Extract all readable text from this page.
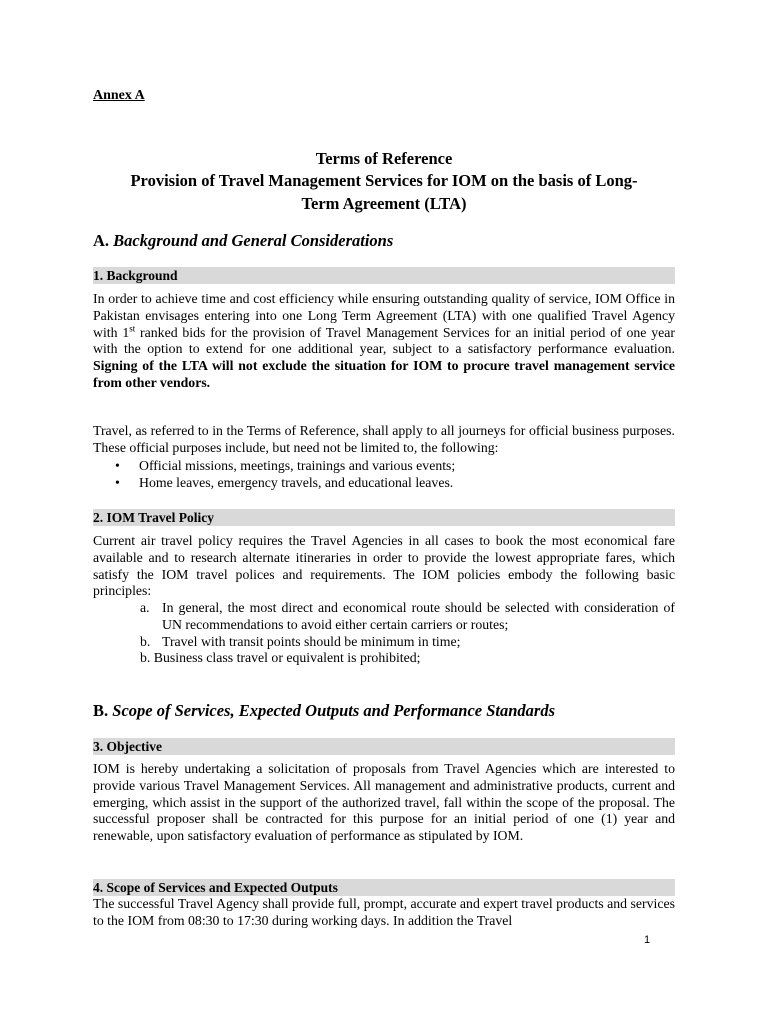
Annex A
Terms of Reference
Provision of Travel Management Services for IOM on the basis of Long-
Term Agreement (LTA)
A. Background and General Considerations
1. Background
In order to achieve time and cost efficiency while ensuring outstanding quality of service, IOM Office in Pakistan envisages entering into one Long Term Agreement (LTA) with one qualified Travel Agency with 1st ranked bids for the provision of Travel Management Services for an initial period of one year with the option to extend for one additional year, subject to a satisfactory performance evaluation. Signing of the LTA will not exclude the situation for IOM to procure travel management service from other vendors.
Travel, as referred to in the Terms of Reference, shall apply to all journeys for official business purposes. These official purposes include, but need not be limited to, the following:
•	Official missions, meetings, trainings and various events;
•	Home leaves, emergency travels, and educational leaves.
2. IOM Travel Policy
Current air travel policy requires the Travel Agencies in all cases to book the most economical fare available and to research alternate itineraries in order to provide the lowest appropriate fares, which satisfy the IOM travel polices and requirements. The IOM policies embody the following basic principles:
a. In general, the most direct and economical route should be selected with consideration of UN recommendations to avoid either certain carriers or routes;
b. Travel with transit points should be minimum in time;
b. Business class travel or equivalent is prohibited;
B. Scope of Services, Expected Outputs and Performance Standards
3. Objective
IOM is hereby undertaking a solicitation of proposals from Travel Agencies which are interested to provide various Travel Management Services. All management and administrative products, current and emerging, which assist in the support of the authorized travel, fall within the scope of the proposal. The successful proposer shall be contracted for this purpose for an initial period of one (1) year and renewable, upon satisfactory evaluation of performance as stipulated by IOM.
4. Scope of Services and Expected Outputs
The successful Travel Agency shall provide full, prompt, accurate and expert travel products and services to the IOM from 08:30 to 17:30 during working days. In addition the Travel
1
